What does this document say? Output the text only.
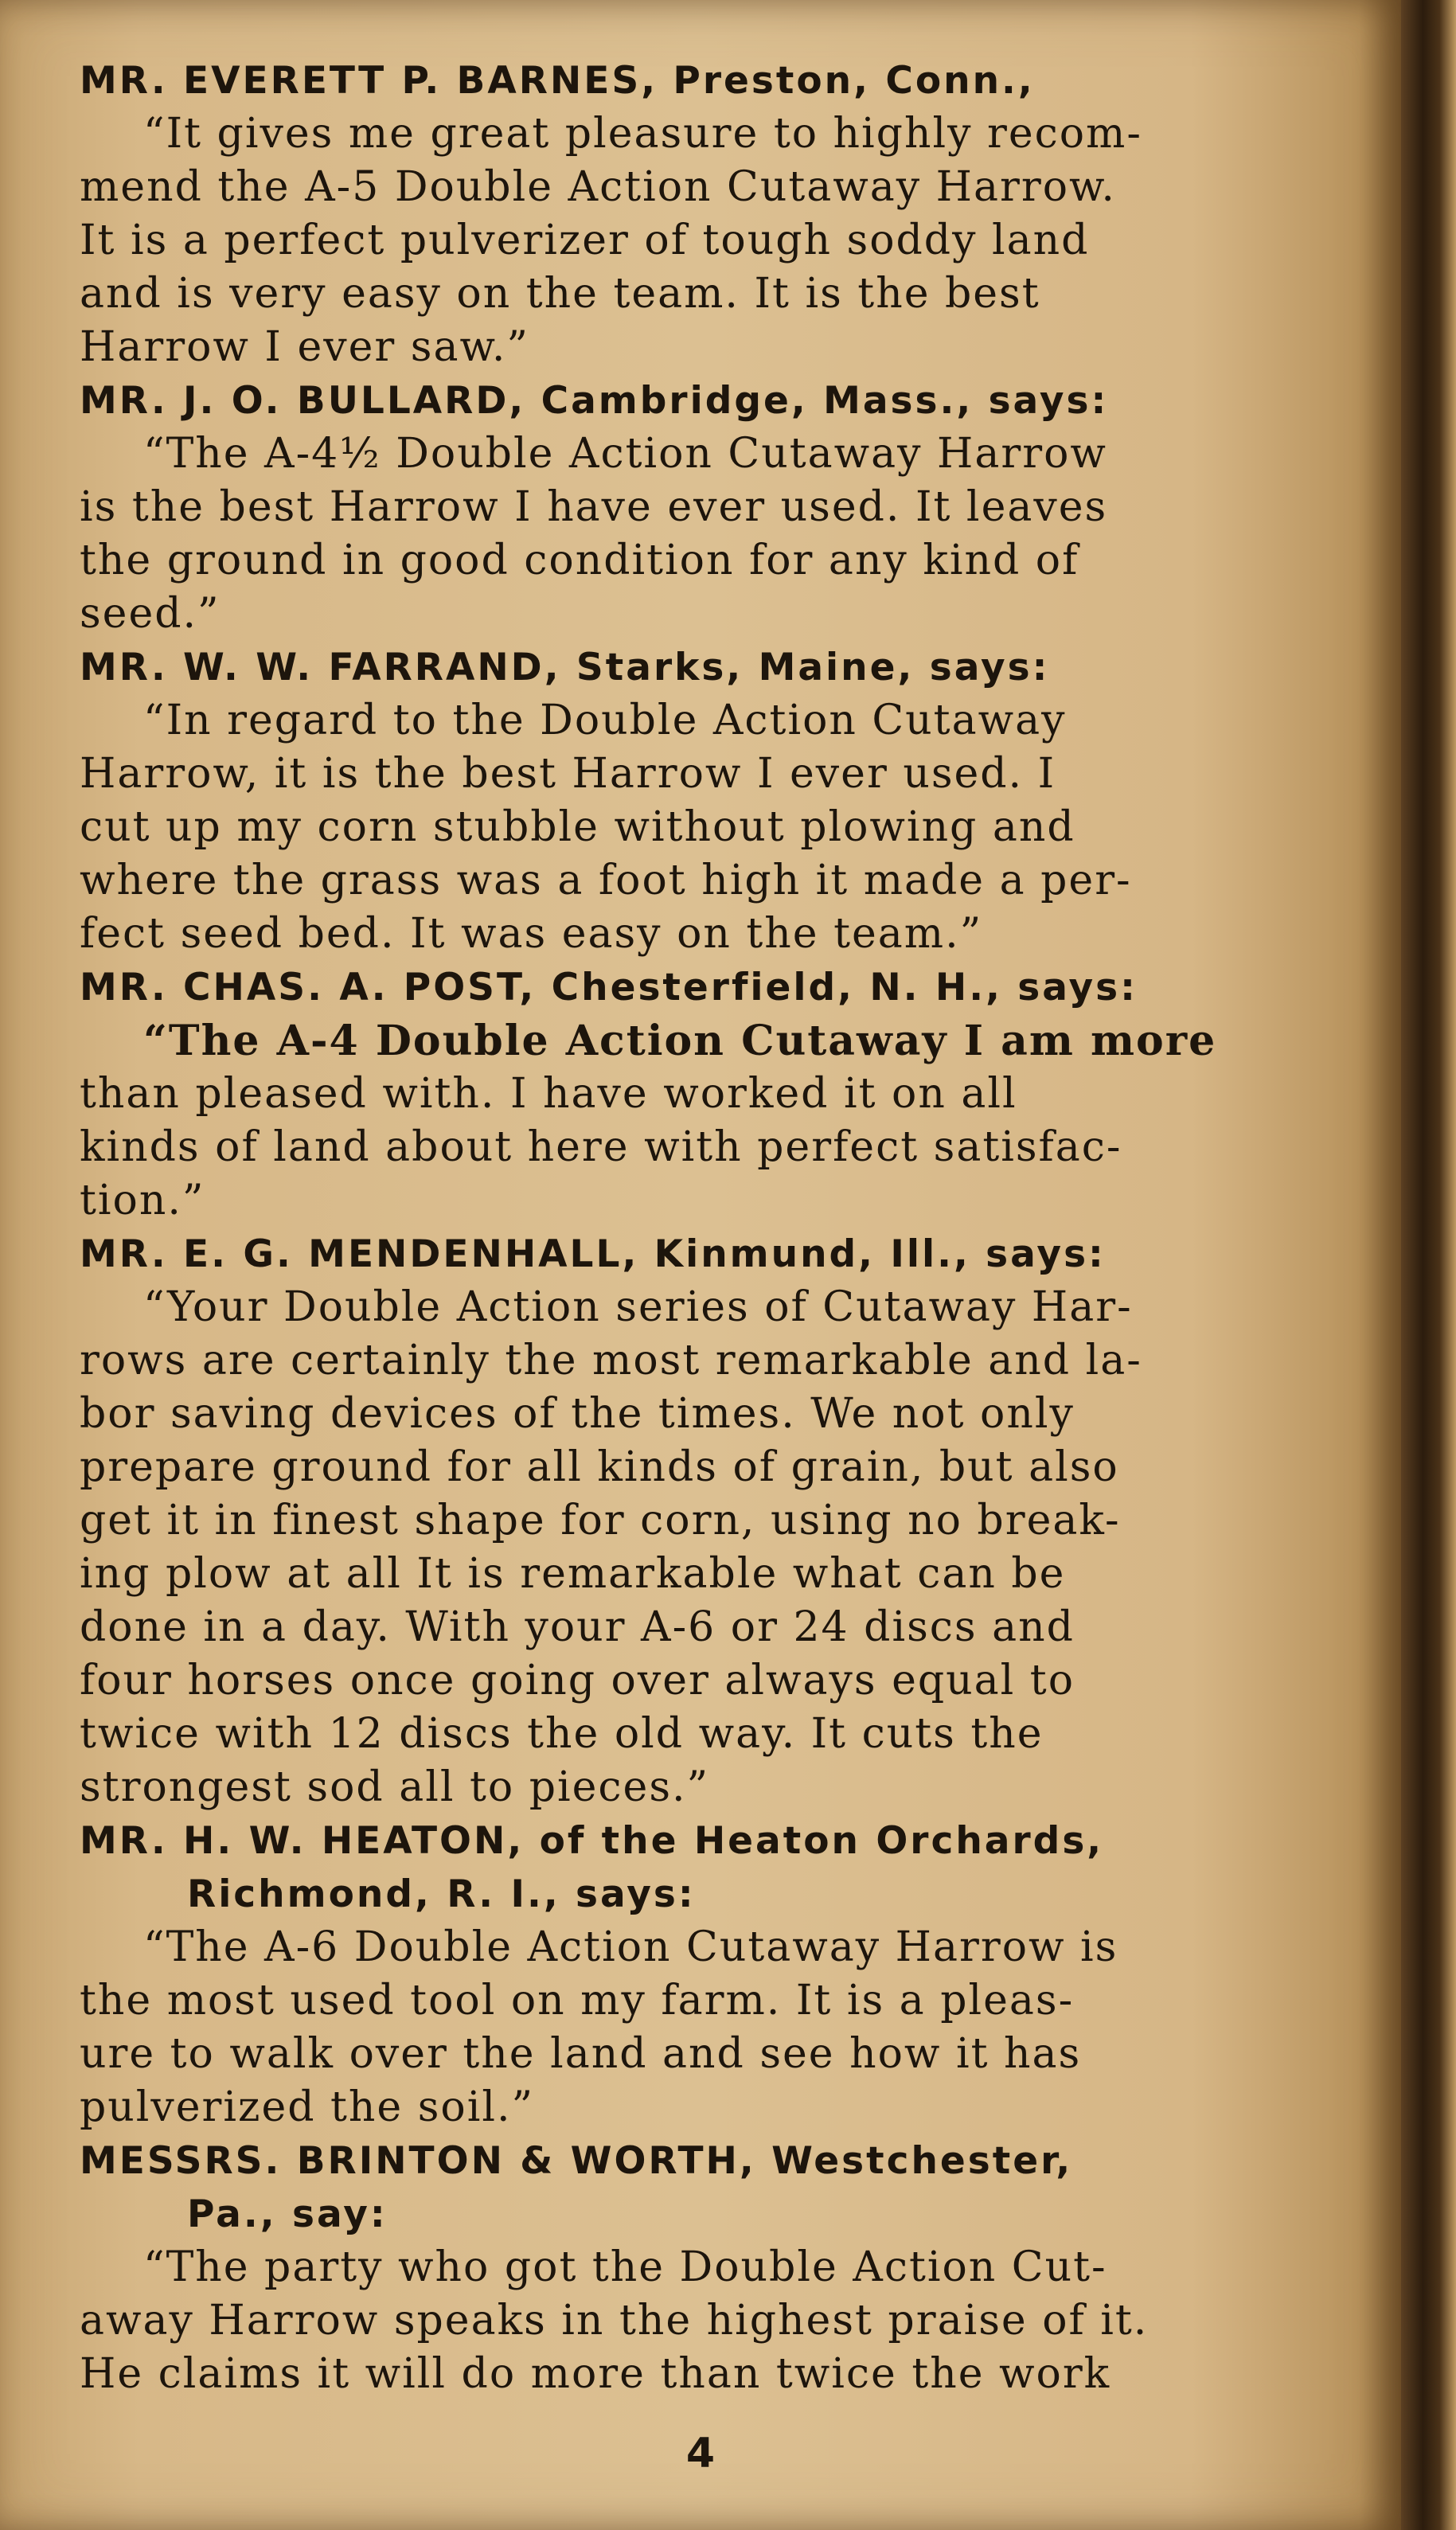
MR. EVERETT P. BARNES, Preston, Conn.,

“It gives me great pleasure to highly recom-
mend the A-5 Double Action Cutaway Harrow.
It is a perfect pulverizer of tough soddy land
and is very easy on the team. It is the best
Harrow I ever saw.”

MR. J. O. BULLARD, Cambridge, Mass., says:

“The A-4½ Double Action Cutaway Harrow
is the best Harrow I have ever used. It leaves
the ground in good condition for any kind of
seed.”

MR. W. W. FARRAND, Starks, Maine, says:

“In regard to the Double Action Cutaway
Harrow, it is the best Harrow I ever used. I
cut up my corn stubble without plowing and
where the grass was a foot high it made a per-
fect seed bed. It was easy on the team.”

MR. CHAS. A. POST, Chesterfield, N. H., says:

“The A-4 Double Action Cutaway I am more
than pleased with. I have worked it on all
kinds of land about here with perfect satisfac-
tion.”

MR. E. G. MENDENHALL, Kinmund, Ill., says:

“Your Double Action series of Cutaway Har-
rows are certainly the most remarkable and la-
bor saving devices of the times. We not only
prepare ground for all kinds of grain, but also
get it in finest shape for corn, using no break-
ing plow at all It is remarkable what can be
done in a day. With your A-6 or 24 discs and
four horses once going over always equal to
twice with 12 discs the old way. It cuts the
strongest sod all to pieces.”

MR. H. W. HEATON, of the Heaton Orchards,

Richmond, R. I., says:

“The A-6 Double Action Cutaway Harrow is
the most used tool on my farm. It is a pleas-
ure to walk over the land and see how it has
pulverized the soil.”

MESSRS. BRINTON & WORTH, Westchester,

Pa., say:

“The party who got the Double Action Cut-
away Harrow speaks in the highest praise of it.
He claims it will do more than twice the work

4
